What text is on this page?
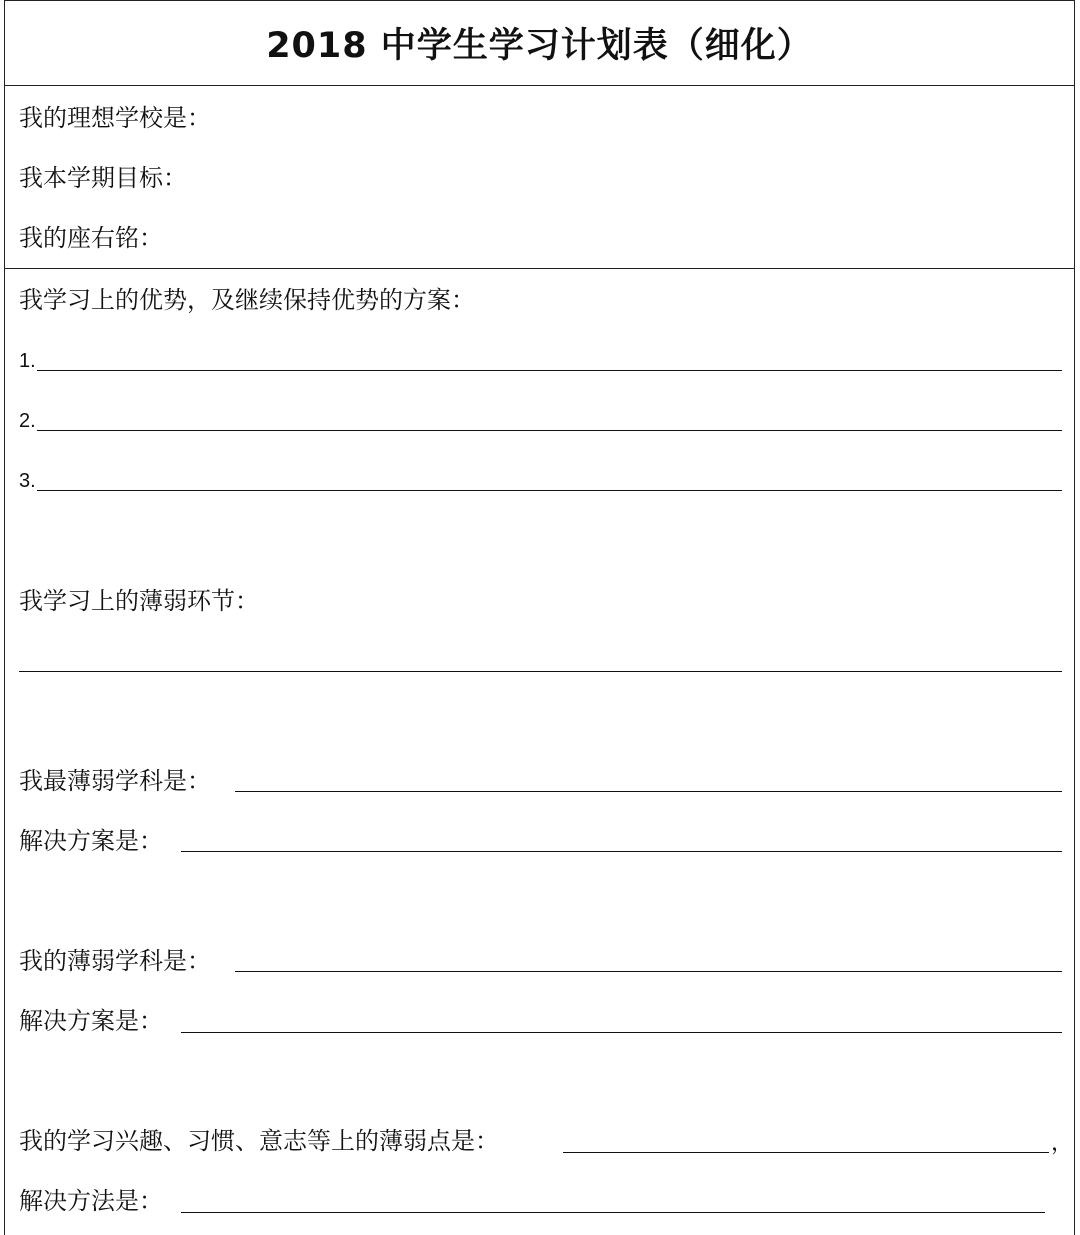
2018 中学生学习计划表（细化）
我的理想学校是：
我本学期目标：
我的座右铭：
我学习上的优势，及继续保持优势的方案：
1.
2.
3.
我学习上的薄弱环节：
我最薄弱学科是：
解决方案是：
我的薄弱学科是：
解决方案是：
我的学习兴趣、习惯、意志等上的薄弱点是：	，
解决方法是：
